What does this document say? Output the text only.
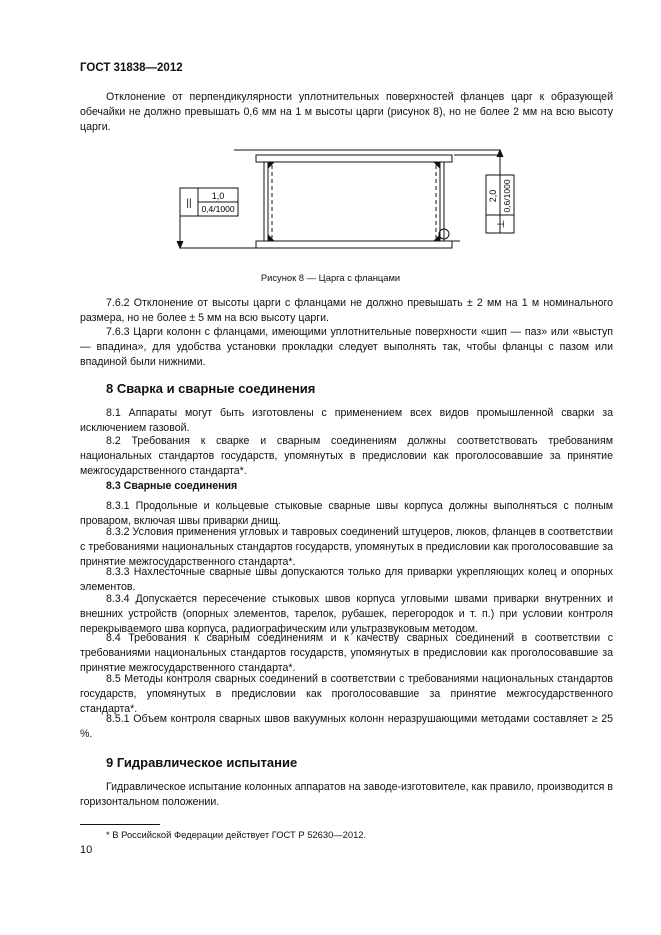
ГОСТ 31838—2012
Отклонение от перпендикулярности уплотнительных поверхностей фланцев царг к образующей обечайки не должно превышать 0,6 мм на 1 м высоты царги (рисунок 8), но не более 2 мм на всю высоту царги.
||
1,0
0,4/1000
2,0 0,6/1000
⊥
Рисунок 8 — Царга с фланцами
7.6.2 Отклонение от высоты царги с фланцами не должно превышать ± 2 мм на 1 м номинального размера, но не более ± 5 мм на всю высоту царги.
7.6.3 Царги колонн с фланцами, имеющими уплотнительные поверхности «шип — паз» или «выступ — впадина», для удобства установки прокладки следует выполнять так, чтобы фланцы с пазом или впадиной были нижними.
8 Сварка и сварные соединения
8.1 Аппараты могут быть изготовлены с применением всех видов промышленной сварки за исключением газовой.
8.2 Требования к сварке и сварным соединениям должны соответствовать требованиям национальных стандартов государств, упомянутых в предисловии как проголосовавшие за принятие межгосударственного стандарта*.
8.3 Сварные соединения
8.3.1 Продольные и кольцевые стыковые сварные швы корпуса должны выполняться с полным проваром, включая швы приварки днищ.
8.3.2 Условия применения угловых и тавровых соединений штуцеров, люков, фланцев в соответствии с требованиями национальных стандартов государств, упомянутых в предисловии как проголосовавшие за принятие межгосударственного стандарта*.
8.3.3 Нахлесточные сварные швы допускаются только для приварки укрепляющих колец и опорных элементов.
8.3.4 Допускается пересечение стыковых швов корпуса угловыми швами приварки внутренних и внешних устройств (опорных элементов, тарелок, рубашек, перегородок и т. п.) при условии контроля перекрываемого шва корпуса, радиографическим или ультразвуковым методом.
8.4 Требования к сварным соединениям и к качеству сварных соединений в соответствии с требованиями национальных стандартов государств, упомянутых в предисловии как проголосовавшие за принятие межгосударственного стандарта*.
8.5 Методы контроля сварных соединений в соответствии с требованиями национальных стандартов государств, упомянутых в предисловии как проголосовавшие за принятие межгосударственного стандарта*.
8.5.1 Объем контроля сварных швов вакуумных колонн неразрушающими методами составляет ≥ 25 %.
9 Гидравлическое испытание
Гидравлическое испытание колонных аппаратов на заводе-изготовителе, как правило, производится в горизонтальном положении.
* В Российской Федерации действует ГОСТ Р 52630—2012.
10
